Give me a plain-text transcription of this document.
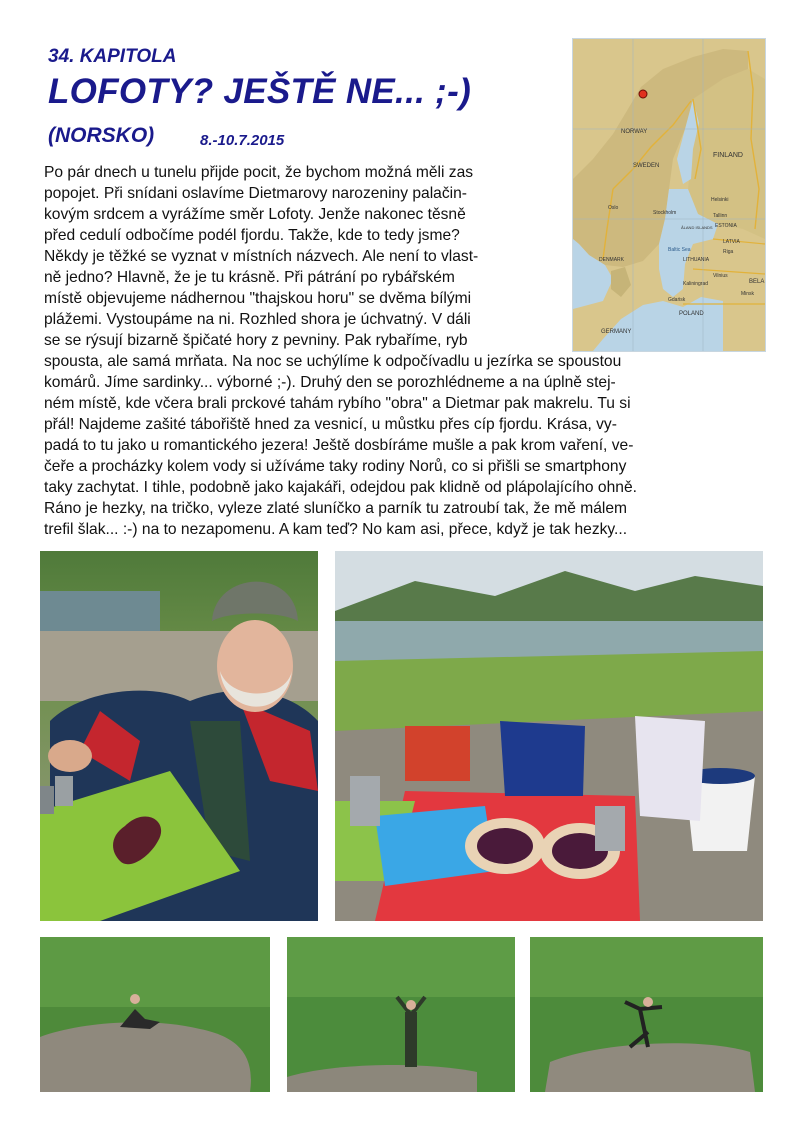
34. KAPITOLA
LOFOTY? JEŠTĚ NE... ;-)
(NORSKO)	8.-10.7.2015	NORWAY
SWEDEN
FINLAND
Stockholm
Oslo
Helsinki
Tallinn
ESTONIA
LATVIA
LITHUANIA
POLAND
GERMANY
BELA
DENMARK
Riga
Vilnius
Kaliningrad
Minsk
Baltic Sea
Gdańsk
ÅLAND ISLANDS
Po pár dnech u tunelu přijde pocit, že bychom možná měli zas
popojet. Při snídani oslavíme Dietmarovy narozeniny palačin-
kovým srdcem a vyrážíme směr Lofoty. Jenže nakonec těsně
před cedulí odbočíme podél fjordu. Takže, kde to tedy jsme?
Někdy je těžké se vyznat v místních názvech. Ale není to vlast-
ně jedno? Hlavně, že je tu krásně. Při pátrání po rybářském
místě objevujeme nádhernou "thajskou horu" se dvěma bílými
plážemi. Vystoupáme na ni. Rozhled shora je úchvatný. V dáli
se se rýsují bizarně špičaté hory z pevniny. Pak rybaříme, ryb
spousta, ale samá mrňata. Na noc se uchýlíme k odpočívadlu u jezírka se spoustou
komárů. Jíme sardinky... výborné ;-). Druhý den se porozhlédneme a na úplně stej-
ném místě, kde včera brali prckové tahám rybího "obra" a Dietmar pak makrelu. Tu si
přál! Najdeme zašité tábořiště hned za vesnicí, u můstku přes cíp fjordu. Krása, vy-
padá to tu jako u romantického jezera! Ještě dosbíráme mušle a pak krom vaření, ve-
čeře a procházky kolem vody si užíváme taky rodiny Norů, co si přišli se smartphony
taky zachytat. I tihle, podobně jako kajakáři, odejdou pak klidně od plápolajícího ohně.
Ráno je hezky, na tričko, vyleze zlaté sluníčko a parník tu zatroubí tak, že mě málem
trefil šlak... :-) na to nezapomenu. A kam teď? No kam asi, přece, když je tak hezky...
